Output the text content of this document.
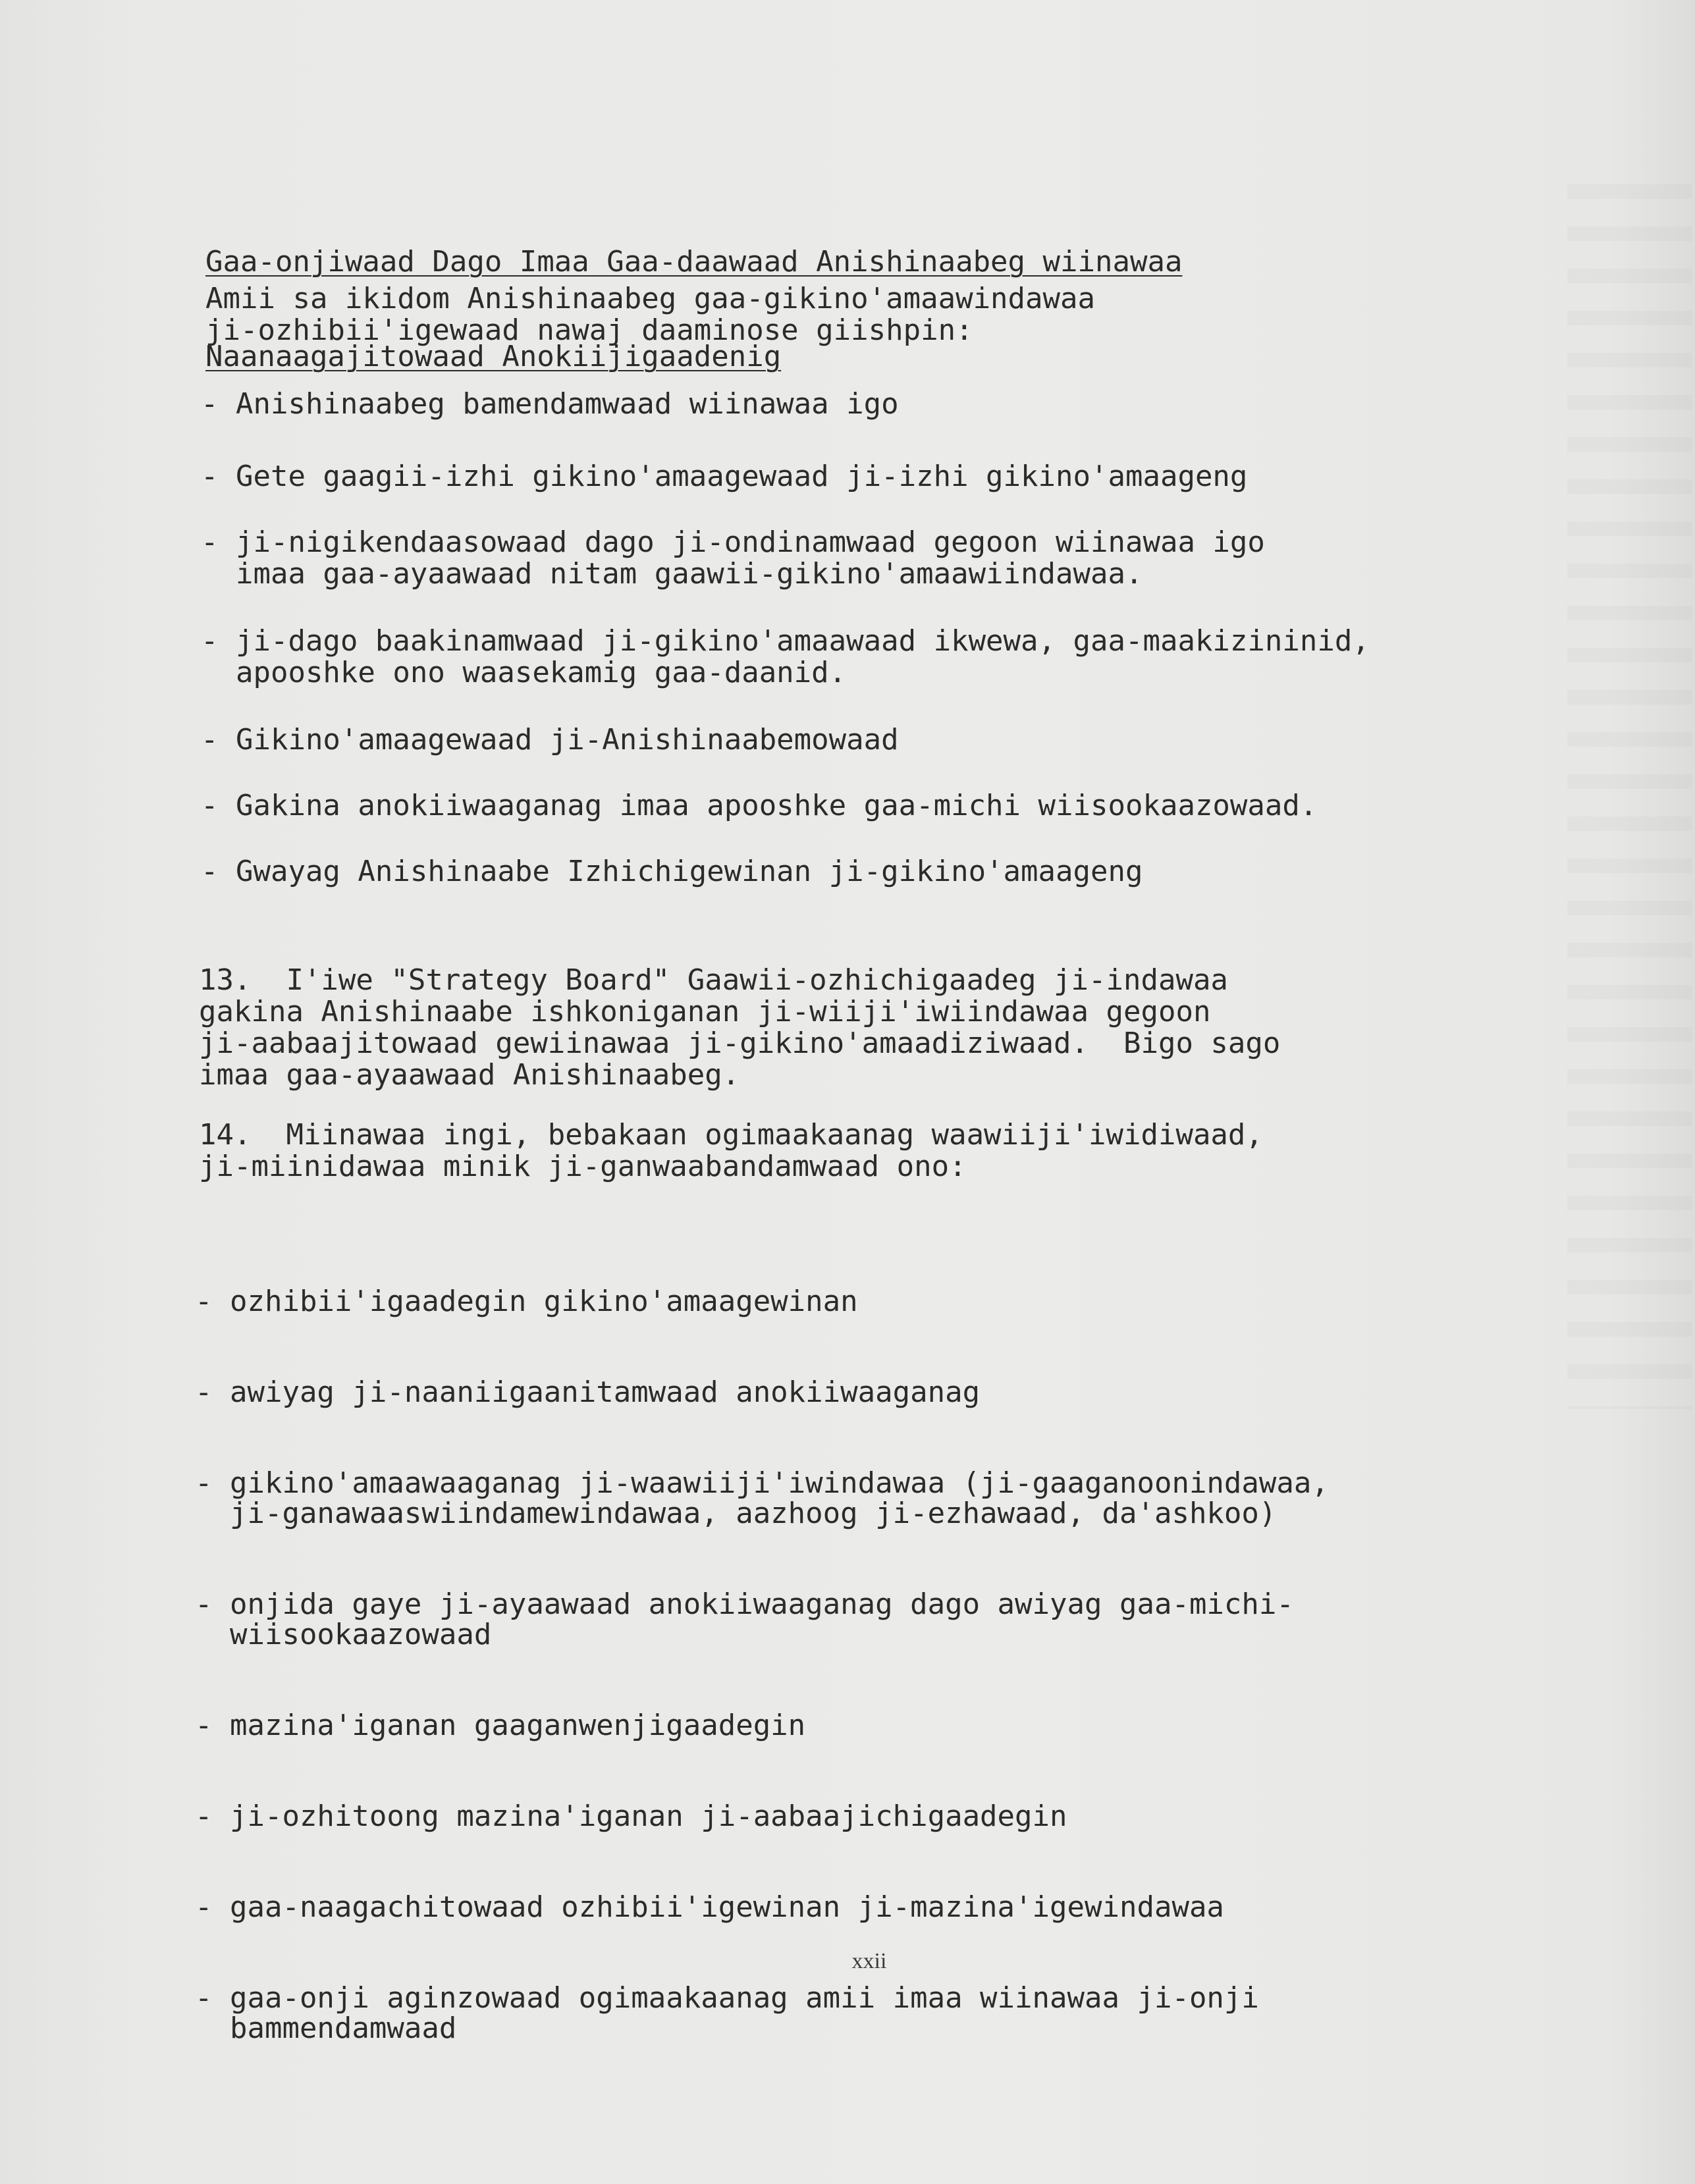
Gaa-onjiwaad Dago Imaa Gaa-daawaad Anishinaabeg wiinawaa

Naanaagajitowaad Anokiijigaadenig

Amii sa ikidom Anishinaabeg gaa-gikino'amaawindawaa
ji-ozhibii'igewaad nawaj daaminose giishpin:
- Anishinaabeg bamendamwaad wiinawaa igo
- Gete gaagii-izhi gikino'amaagewaad ji-izhi gikino'amaageng
- ji-nigikendaasowaad dago ji-ondinamwaad gegoon wiinawaa igo
imaa gaa-ayaawaad nitam gaawii-gikino'amaawiindawaa.
- ji-dago baakinamwaad ji-gikino'amaawaad ikwewa, gaa-maakizininid,
apooshke ono waasekamig gaa-daanid.
- Gikino'amaagewaad ji-Anishinaabemowaad
- Gakina anokiiwaaganag imaa apooshke gaa-michi wiisookaazowaad.
- Gwayag Anishinaabe Izhichigewinan ji-gikino'amaageng
13.  I'iwe "Strategy Board" Gaawii-ozhichigaadeg ji-indawaa
gakina Anishinaabe ishkoniganan ji-wiiji'iwiindawaa gegoon
ji-aabaajitowaad gewiinawaa ji-gikino'amaadiziwaad.  Bigo sago
imaa gaa-ayaawaad Anishinaabeg.
14.  Miinawaa ingi, bebakaan ogimaakaanag waawiiji'iwidiwaad,
ji-miinidawaa minik ji-ganwaabandamwaad ono:

- ozhibii'igaadegin gikino'amaagewinan

- awiyag ji-naaniigaanitamwaad anokiiwaaganag

- gikino'amaawaaganag ji-waawiiji'iwindawaa (ji-gaaganoonindawaa,
ji-ganawaaswiindamewindawaa, aazhoog ji-ezhawaad, da'ashkoo)

- onjida gaye ji-ayaawaad anokiiwaaganag dago awiyag gaa-michi-
wiisookaazowaad

- mazina'iganan gaaganwenjigaadegin

- ji-ozhitoong mazina'iganan ji-aabaajichigaadegin

- gaa-naagachitowaad ozhibii'igewinan ji-mazina'igewindawaa

- gaa-onji aginzowaad ogimaakaanag amii imaa wiinawaa ji-onji
bammendamwaad

xxii
